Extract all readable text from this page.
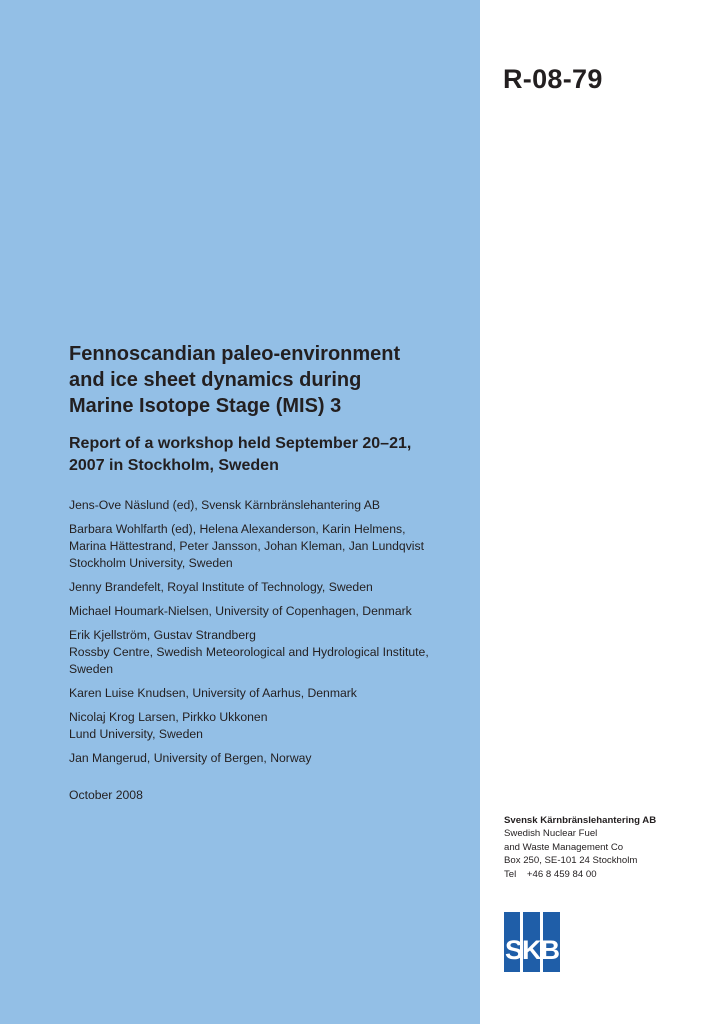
R-08-79
Fennoscandian paleo-environment
and ice sheet dynamics during
Marine Isotope Stage (MIS) 3
Report of a workshop held September 20–21,
2007 in Stockholm, Sweden
Jens-Ove Näslund (ed), Svensk Kärnbränslehantering AB
Barbara Wohlfarth (ed), Helena Alexanderson, Karin Helmens,
Marina Hättestrand, Peter Jansson, Johan Kleman, Jan Lundqvist
Stockholm University, Sweden
Jenny Brandefelt, Royal Institute of Technology, Sweden
Michael Houmark-Nielsen, University of Copenhagen, Denmark
Erik Kjellström, Gustav Strandberg
Rossby Centre, Swedish Meteorological and Hydrological Institute,
Sweden
Karen Luise Knudsen, University of Aarhus, Denmark
Nicolaj Krog Larsen, Pirkko Ukkonen
Lund University, Sweden
Jan Mangerud, University of Bergen, Norway
October 2008
Svensk Kärnbränslehantering AB
Swedish Nuclear Fuel
and Waste Management Co
Box 250, SE-101 24 Stockholm
Tel    +46 8 459 84 00
SKB
